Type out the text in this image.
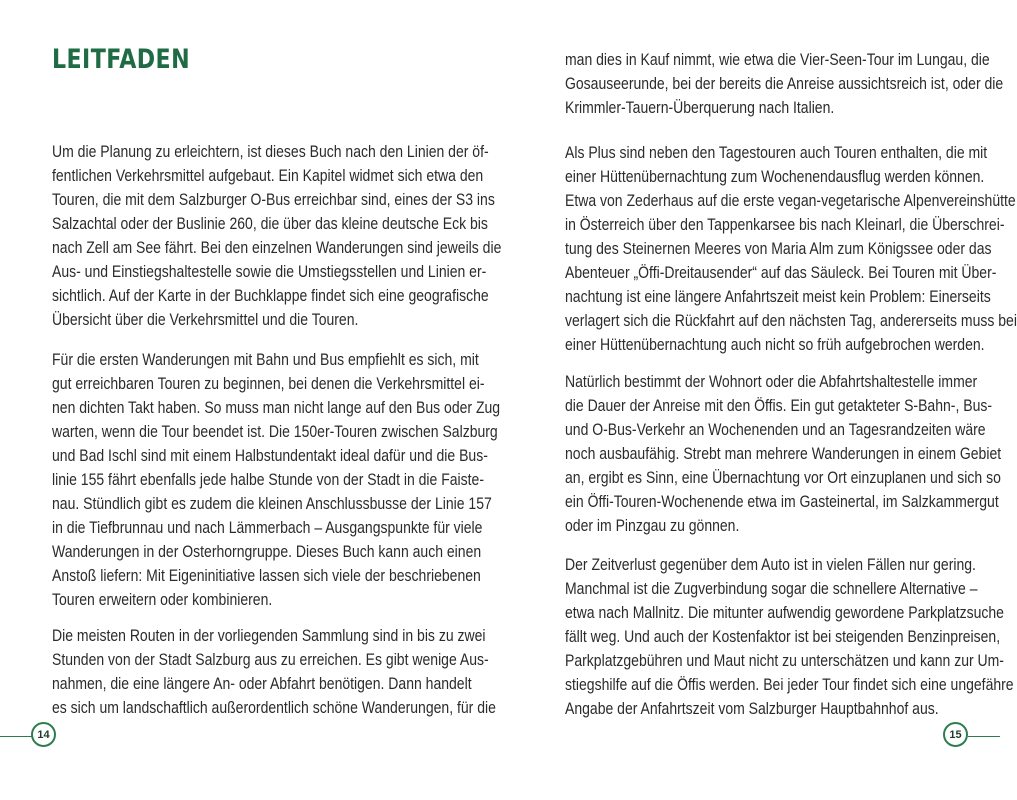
LEITFADEN
Um die Planung zu erleichtern, ist dieses Buch nach den Linien der öf-
fentlichen Verkehrsmittel aufgebaut. Ein Kapitel widmet sich etwa den
Touren, die mit dem Salzburger O-Bus erreichbar sind, eines der S3 ins
Salzachtal oder der Buslinie 260, die über das kleine deutsche Eck bis
nach Zell am See fährt. Bei den einzelnen Wanderungen sind jeweils die
Aus- und Einstiegshaltestelle sowie die Umstiegsstellen und Linien er-
sichtlich. Auf der Karte in der Buchklappe findet sich eine geografische
Übersicht über die Verkehrsmittel und die Touren.
Für die ersten Wanderungen mit Bahn und Bus empfiehlt es sich, mit
gut erreichbaren Touren zu beginnen, bei denen die Verkehrsmittel ei-
nen dichten Takt haben. So muss man nicht lange auf den Bus oder Zug
warten, wenn die Tour beendet ist. Die 150er-Touren zwischen Salzburg
und Bad Ischl sind mit einem Halbstundentakt ideal dafür und die Bus-
linie 155 fährt ebenfalls jede halbe Stunde von der Stadt in die Faiste-
nau. Stündlich gibt es zudem die kleinen Anschlussbusse der Linie 157
in die Tiefbrunnau und nach Lämmerbach – Ausgangspunkte für viele
Wanderungen in der Osterhorngruppe. Dieses Buch kann auch einen
Anstoß liefern: Mit Eigeninitiative lassen sich viele der beschriebenen
Touren erweitern oder kombinieren.
Die meisten Routen in der vorliegenden Sammlung sind in bis zu zwei
Stunden von der Stadt Salzburg aus zu erreichen. Es gibt wenige Aus-
nahmen, die eine längere An- oder Abfahrt benötigen. Dann handelt
es sich um landschaftlich außerordentlich schöne Wanderungen, für die
14
man dies in Kauf nimmt, wie etwa die Vier-Seen-Tour im Lungau, die
Gosauseerunde, bei der bereits die Anreise aussichtsreich ist, oder die
Krimmler-Tauern-Überquerung nach Italien.
Als Plus sind neben den Tagestouren auch Touren enthalten, die mit
einer Hüttenübernachtung zum Wochenendausflug werden können.
Etwa von Zederhaus auf die erste vegan-vegetarische Alpenvereinshütte
in Österreich über den Tappenkarsee bis nach Kleinarl, die Überschrei-
tung des Steinernen Meeres von Maria Alm zum Königssee oder das
Abenteuer „Öffi-Dreitausender“ auf das Säuleck. Bei Touren mit Über-
nachtung ist eine längere Anfahrtszeit meist kein Problem: Einerseits
verlagert sich die Rückfahrt auf den nächsten Tag, andererseits muss bei
einer Hüttenübernachtung auch nicht so früh aufgebrochen werden.
Natürlich bestimmt der Wohnort oder die Abfahrtshaltestelle immer
die Dauer der Anreise mit den Öffis. Ein gut getakteter S-Bahn-, Bus-
und O-Bus-Verkehr an Wochenenden und an Tagesrandzeiten wäre
noch ausbaufähig. Strebt man mehrere Wanderungen in einem Gebiet
an, ergibt es Sinn, eine Übernachtung vor Ort einzuplanen und sich so
ein Öffi-Touren-Wochenende etwa im Gasteinertal, im Salzkammergut
oder im Pinzgau zu gönnen.
Der Zeitverlust gegenüber dem Auto ist in vielen Fällen nur gering.
Manchmal ist die Zugverbindung sogar die schnellere Alternative –
etwa nach Mallnitz. Die mitunter aufwendig gewordene Parkplatzsuche
fällt weg. Und auch der Kostenfaktor ist bei steigenden Benzinpreisen,
Parkplatzgebühren und Maut nicht zu unterschätzen und kann zur Um-
stiegshilfe auf die Öffis werden. Bei jeder Tour findet sich eine ungefähre
Angabe der Anfahrtszeit vom Salzburger Hauptbahnhof aus.
15
